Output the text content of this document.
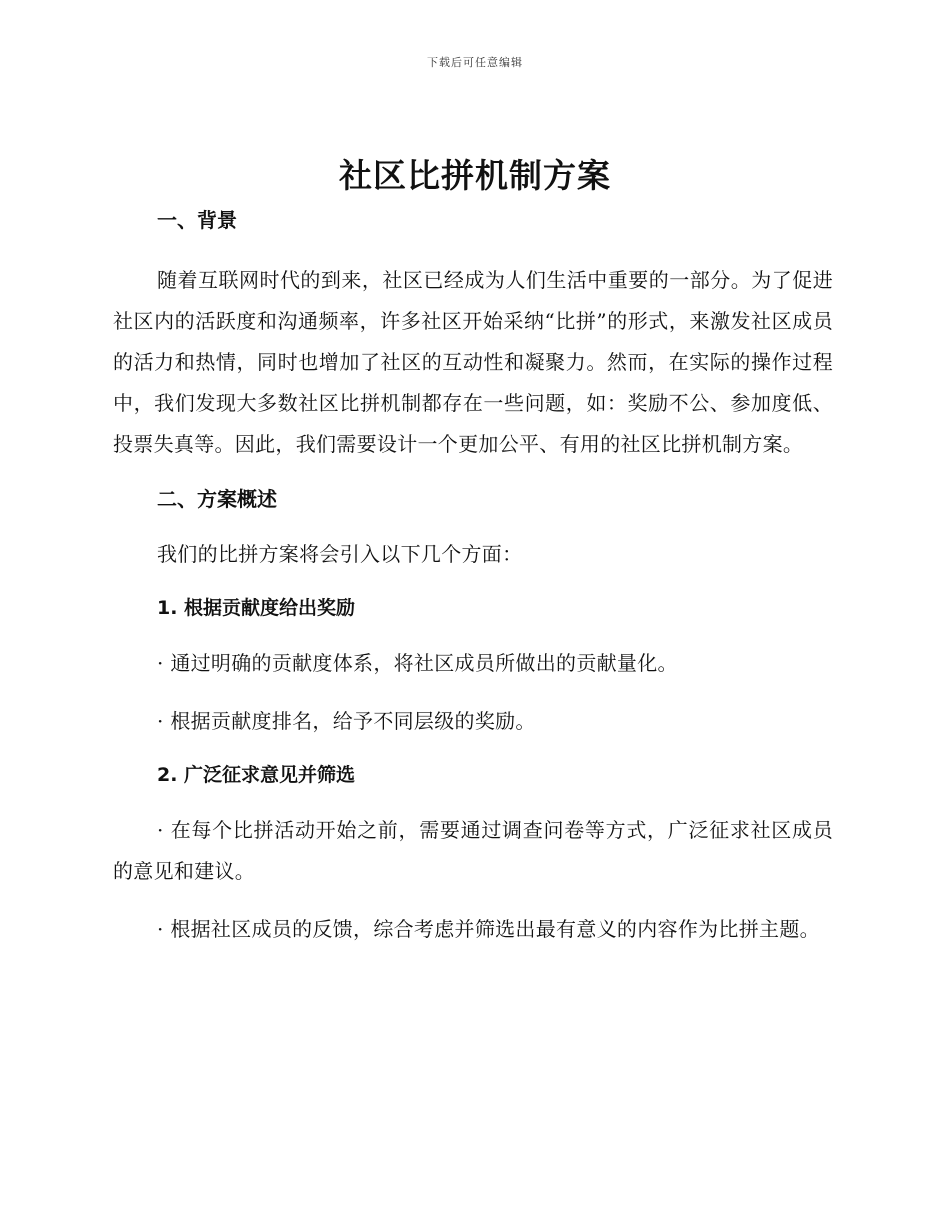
下载后可任意编辑
社区比拼机制方案
一、背景

随着互联网时代的到来，社区已经成为人们生活中重要的一部分。为了促进社区内的活跃度和沟通频率，许多社区开始采纳“比拼”的形式，来激发社区成员的活力和热情，同时也增加了社区的互动性和凝聚力。然而，在实际的操作过程中，我们发现大多数社区比拼机制都存在一些问题，如：奖励不公、参加度低、投票失真等。因此，我们需要设计一个更加公平、有用的社区比拼机制方案。

二、方案概述

我们的比拼方案将会引入以下几个方面：

1. 根据贡献度给出奖励

· 通过明确的贡献度体系，将社区成员所做出的贡献量化。

· 根据贡献度排名，给予不同层级的奖励。

2. 广泛征求意见并筛选

· 在每个比拼活动开始之前，需要通过调查问卷等方式，广泛征求社区成员的意见和建议。

· 根据社区成员的反馈，综合考虑并筛选出最有意义的内容作为比拼主题。
